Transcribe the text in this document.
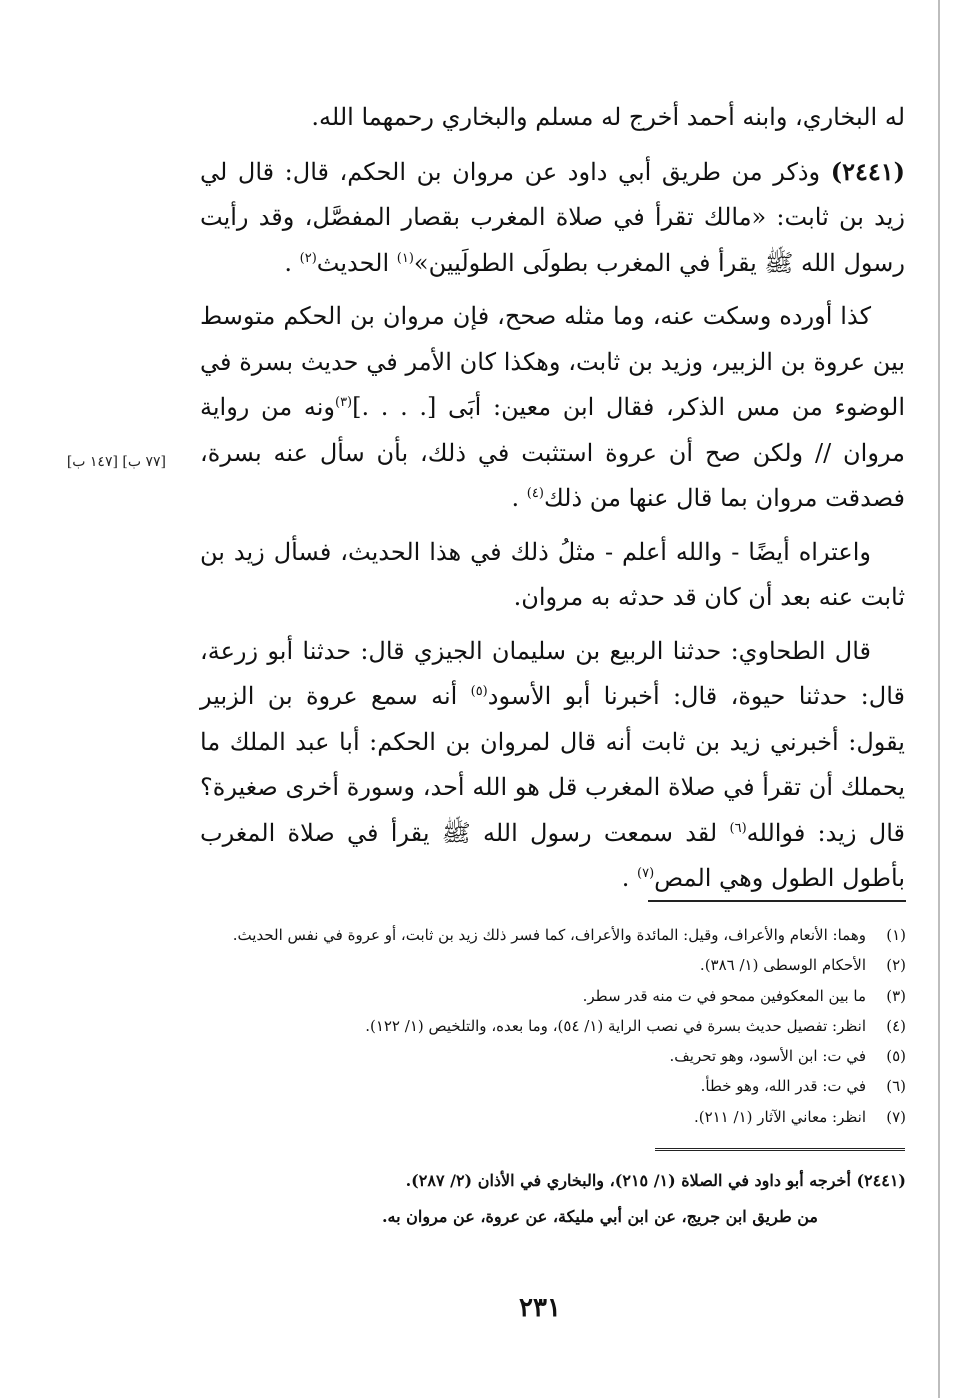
له البخاري، وابنه أحمد أخرج له مسلم والبخاري رحمهما الله.

(٢٤٤١) وذكر من طريق أبي داود عن مروان بن الحكم، قال: قال لي زيد بن ثابت: «مالك تقرأ في صلاة المغرب بقصار المفصَّل، وقد رأيت رسول الله ﷺ يقرأ في المغرب بطولَى الطولَيين»$^{(١)}$ الحديث$^{(٢)}$ .

كذا أورده وسكت عنه، وما مثله صحح، فإن مروان بن الحكم متوسط بين عروة بن الزبير، وزيد بن ثابت، وهكذا كان الأمر في حديث بسرة في الوضوء من مس الذكر، فقال ابن معين: أبَى [. . . .]$^{(٣)}$ونه من رواية مروان // ولكن صح أن عروة استثبت في ذلك، بأن سأل عنه بسرة، فصدقت مروان بما قال عنها من ذلك$^{(٤)}$ .

واعتراه أيضًا - والله أعلم - مثلُ ذلك في هذا الحديث، فسأل زيد بن ثابت عنه بعد أن كان قد حدثه به مروان.

قال الطحاوي: حدثنا الربيع بن سليمان الجيزي قال: حدثنا أبو زرعة، قال: حدثنا حيوة، قال: أخبرنا أبو الأسود$^{(٥)}$ أنه سمع عروة بن الزبير يقول: أخبرني زيد بن ثابت أنه قال لمروان بن الحكم: أبا عبد الملك ما يحملك أن تقرأ في صلاة المغرب قل هو الله أحد، وسورة أخرى صغيرة؟ قال زيد: فوالله$^{(٦)}$ لقد سمعت رسول الله ﷺ يقرأ في صلاة المغرب بأطول الطول وهي المص$^{(٧)}$ .

[٧٧ ب] [١٤٧ ب]
(١)
وهما: الأنعام والأعراف، وقيل: المائدة والأعراف، كما فسر ذلك زيد بن ثابت، أو عروة في نفس الحديث.
(٢)
الأحكام الوسطى (١/ ٣٨٦).
(٣)
ما بين المعكوفين ممحو في ت منه قدر سطر.
(٤)
انظر: تفصيل حديث بسرة في نصب الراية (١/ ٥٤)، وما بعده، والتلخيص (١/ ١٢٢).
(٥)
في ت: ابن الأسود، وهو تحريف.
(٦)
في ت: قدر الله، وهو خطأ.
(٧)
انظر: معاني الآثار (١/ ٢١١).
(٢٤٤١) أخرجه أبو داود في الصلاة (١/ ٢١٥)، والبخاري في الأذان (٢/ ٢٨٧).
من طريق ابن جريج، عن ابن أبي مليكة، عن عروة، عن مروان به.
٢٣١
